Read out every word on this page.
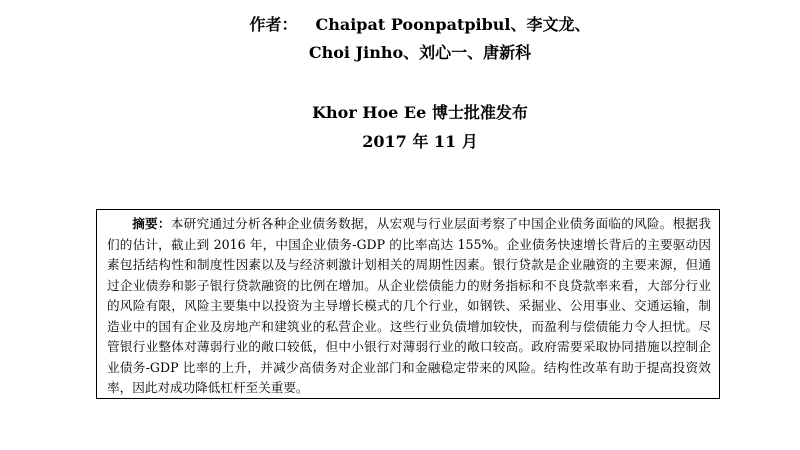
作者： Chaipat Poonpatpibul、李文龙、
Choi Jinho、刘心一、唐新科
Khor Hoe Ee 博士批准发布
2017 年 11 月

摘要：本研究通过分析各种企业债务数据，从宏观与行业层面考察了中国企业债务面临的风险。根据我们的估计，截止到 2016 年，中国企业债务-GDP 的比率高达 155%。企业债务快速增长背后的主要驱动因素包括结构性和制度性因素以及与经济刺激计划相关的周期性因素。银行贷款是企业融资的主要来源，但通过企业债券和影子银行贷款融资的比例在增加。从企业偿债能力的财务指标和不良贷款率来看，大部分行业的风险有限，风险主要集中以投资为主导增长模式的几个行业，如钢铁、采掘业、公用事业、交通运输，制造业中的国有企业及房地产和建筑业的私营企业。这些行业负债增加较快，而盈利与偿债能力令人担忧。尽管银行业整体对薄弱行业的敞口较低，但中小银行对薄弱行业的敞口较高。政府需要采取协同措施以控制企业债务-GDP 比率的上升，并减少高债务对企业部门和金融稳定带来的风险。结构性改革有助于提高投资效率，因此对成功降低杠杆至关重要。
